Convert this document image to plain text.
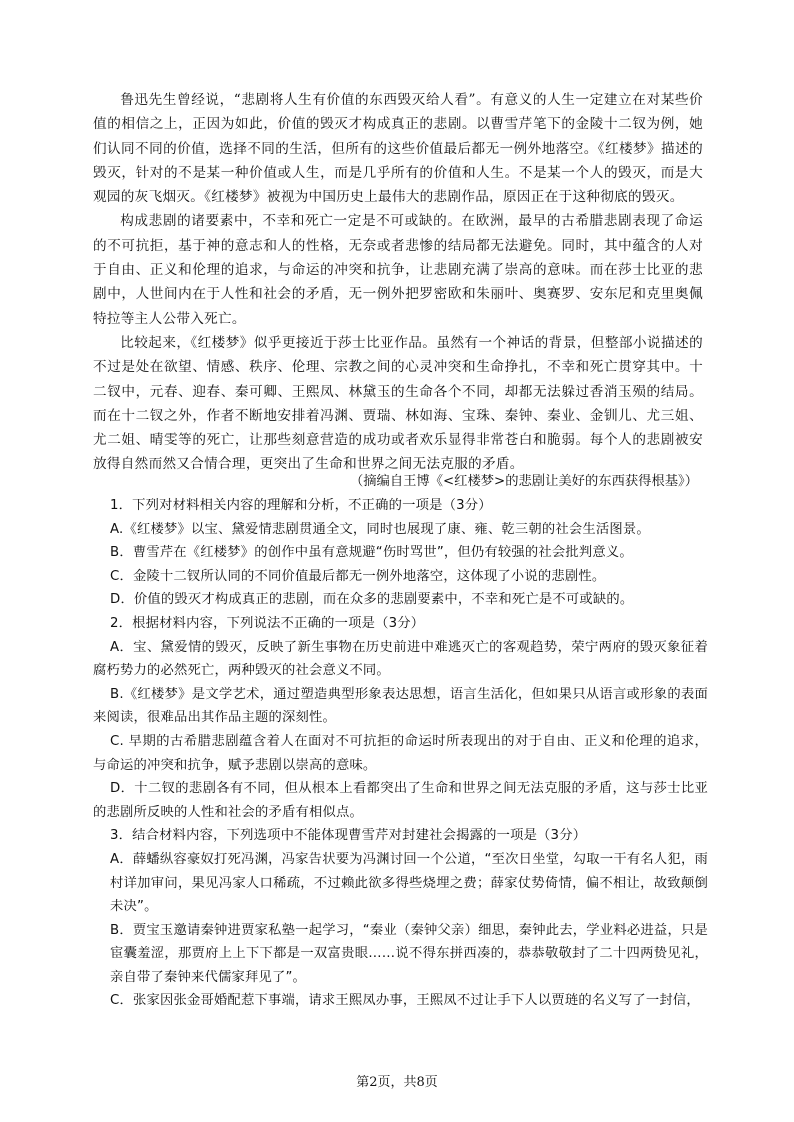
鲁迅先生曾经说，“悲剧将人生有价值的东西毁灭给人看”。有意义的人生一定建立在对某些价值的相信之上，正因为如此，价值的毁灭才构成真正的悲剧。以曹雪芹笔下的金陵十二钗为例，她们认同不同的价值，选择不同的生活，但所有的这些价值最后都无一例外地落空。《红楼梦》描述的毁灭，针对的不是某一种价值或人生，而是几乎所有的价值和人生。不是某一个人的毁灭，而是大观园的灰飞烟灭。《红楼梦》被视为中国历史上最伟大的悲剧作品，原因正在于这种彻底的毁灭。

构成悲剧的诸要素中，不幸和死亡一定是不可或缺的。在欧洲，最早的古希腊悲剧表现了命运的不可抗拒，基于神的意志和人的性格，无奈或者悲惨的结局都无法避免。同时，其中蕴含的人对于自由、正义和伦理的追求，与命运的冲突和抗争，让悲剧充满了崇高的意味。而在莎士比亚的悲剧中，人世间内在于人性和社会的矛盾，无一例外把罗密欧和朱丽叶、奥赛罗、安东尼和克里奥佩特拉等主人公带入死亡。

比较起来，《红楼梦》似乎更接近于莎士比亚作品。虽然有一个神话的背景，但整部小说描述的不过是处在欲望、情感、秩序、伦理、宗教之间的心灵冲突和生命挣扎，不幸和死亡贯穿其中。十二钗中，元春、迎春、秦可卿、王熙凤、林黛玉的生命各个不同，却都无法躲过香消玉殒的结局。而在十二钗之外，作者不断地安排着冯渊、贾瑞、林如海、宝珠、秦钟、秦业、金钏儿、尤三姐、尤二姐、晴雯等的死亡，让那些刻意营造的成功或者欢乐显得非常苍白和脆弱。每个人的悲剧被安放得自然而然又合情合理，更突出了生命和世界之间无法克服的矛盾。

（摘编自王博《<红楼梦>的悲剧让美好的东西获得根基》）
1．下列对材料相关内容的理解和分析，不正确的一项是（3分）
A.《红楼梦》以宝、黛爱情悲剧贯通全文，同时也展现了康、雍、乾三朝的社会生活图景。
B．曹雪芹在《红楼梦》的创作中虽有意规避“伤时骂世”，但仍有较强的社会批判意义。
C．金陵十二钗所认同的不同价值最后都无一例外地落空，这体现了小说的悲剧性。
D．价值的毁灭才构成真正的悲剧，而在众多的悲剧要素中，不幸和死亡是不可或缺的。
2．根据材料内容，下列说法不正确的一项是（3分）
A．宝、黛爱情的毁灭，反映了新生事物在历史前进中难逃灭亡的客观趋势，荣宁两府的毁灭象征着腐朽势力的必然死亡，两种毁灭的社会意义不同。
B.《红楼梦》是文学艺术，通过塑造典型形象表达思想，语言生活化，但如果只从语言或形象的表面来阅读，很难品出其作品主题的深刻性。
C. 早期的古希腊悲剧蕴含着人在面对不可抗拒的命运时所表现出的对于自由、正义和伦理的追求，与命运的冲突和抗争，赋予悲剧以崇高的意味。
D．十二钗的悲剧各有不同，但从根本上看都突出了生命和世界之间无法克服的矛盾，这与莎士比亚的悲剧所反映的人性和社会的矛盾有相似点。
3．结合材料内容，下列选项中不能体现曹雪芹对封建社会揭露的一项是（3分）
A．薛蟠纵容豪奴打死冯渊，冯家告状要为冯渊讨回一个公道，“至次日坐堂，勾取一干有名人犯，雨村详加审问，果见冯家人口稀疏，不过赖此欲多得些烧埋之费；薛家仗势倚情，偏不相让，故致颠倒未决”。
B．贾宝玉邀请秦钟进贾家私塾一起学习，“秦业（秦钟父亲）细思，秦钟此去，学业料必进益，只是宦囊羞涩，那贾府上上下下都是一双富贵眼……说不得东拼西凑的，恭恭敬敬封了二十四两贽见礼，亲自带了秦钟来代儒家拜见了”。
C．张家因张金哥婚配惹下事端，请求王熙凤办事，王熙凤不过让手下人以贾琏的名义写了一封信，
第2页，共8页
